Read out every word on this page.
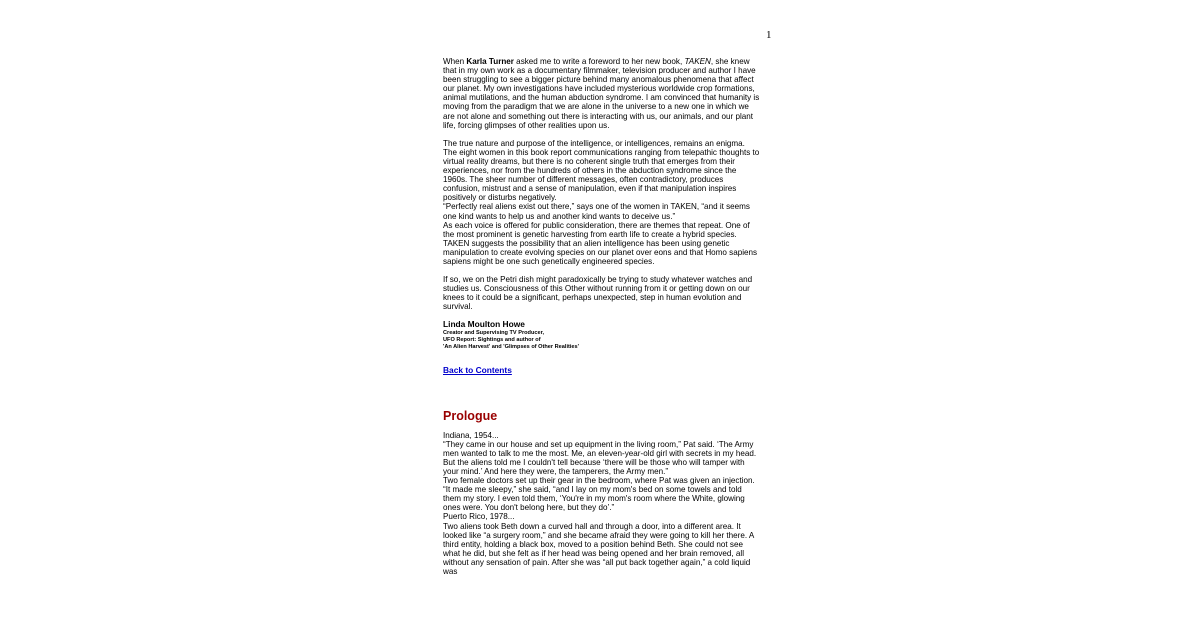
1

When Karla Turner asked me to write a foreword to her new book, TAKEN, she knew that in my own work as a documentary filmmaker, television producer and author I have been struggling to see a bigger picture behind many anomalous phenomena that affect our planet. My own investigations have included mysterious worldwide crop formations, animal mutilations, and the human abduction syndrome. I am convinced that humanity is moving from the paradigm that we are alone in the universe to a new one in which we are not alone and something out there is interacting with us, our animals, and our plant life, forcing glimpses of other realities upon us.

The true nature and purpose of the intelligence, or intelligences, remains an enigma. The eight women in this book report communications ranging from telepathic thoughts to virtual reality dreams, but there is no coherent single truth that emerges from their experiences, nor from the hundreds of others in the abduction syndrome since the 1960s. The sheer number of different messages, often contradictory, produces confusion, mistrust and a sense of manipulation, even if that manipulation inspires positively or disturbs negatively.

“Perfectly real aliens exist out there,” says one of the women in TAKEN, “and it seems one kind wants to help us and another kind wants to deceive us.”

As each voice is offered for public consideration, there are themes that repeat. One of the most prominent is genetic harvesting from earth life to create a hybrid species. TAKEN suggests the possibility that an alien intelligence has been using genetic manipulation to create evolving species on our planet over eons and that Homo sapiens sapiens might be one such genetically engineered species.

If so, we on the Petri dish might paradoxically be trying to study whatever watches and studies us. Consciousness of this Other without running from it or getting down on our knees to it could be a significant, perhaps unexpected, step in human evolution and survival.

Linda Moulton Howe
Creator and Supervising TV Producer,
UFO Report: Sightings and author of
'An Alien Harvest' and 'Glimpses of Other Realities'
Back to Contents
Prologue

Indiana, 1954...

“They came in our house and set up equipment in the living room,” Pat said. ‘The Army men wanted to talk to me the most. Me, an eleven-year-old girl with secrets in my head. But the aliens told me I couldn't tell because ‘there will be those who will tamper with your mind.’ And here they were, the tamperers, the Army men.”

Two female doctors set up their gear in the bedroom, where Pat was given an injection. “It made me sleepy,” she said, “and I lay on my mom's bed on some towels and told them my story. I even told them, ‘You're in my mom's room where the White, glowing ones were. You don't belong here, but they do’.”

Puerto Rico, 1978...

Two aliens took Beth down a curved hall and through a door, into a different area. It looked like “a surgery room,” and she became afraid they were going to kill her there. A third entity, holding a black box, moved to a position behind Beth. She could not see what he did, but she felt as if her head was being opened and her brain removed, all without any sensation of pain. After she was “all put back together again,” a cold liquid was
